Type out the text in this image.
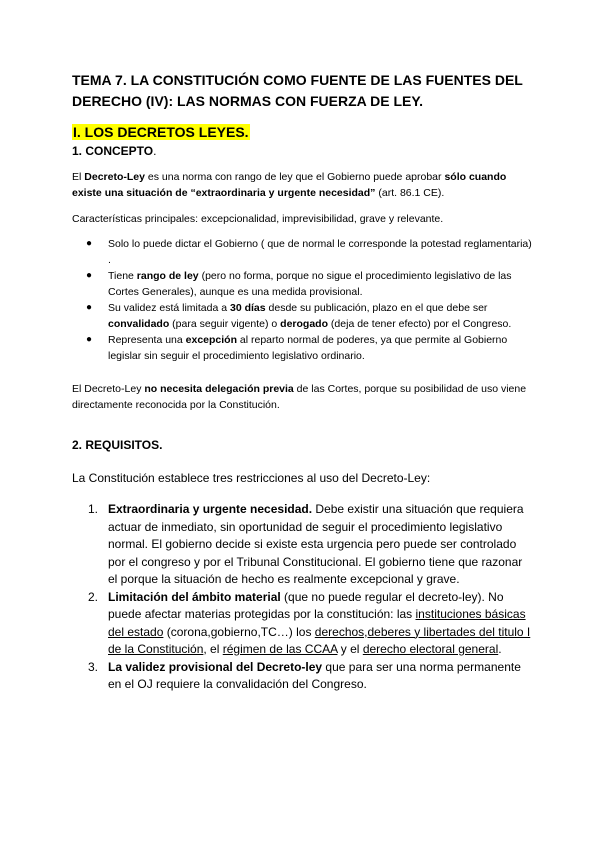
TEMA 7. LA CONSTITUCIÓN COMO FUENTE DE LAS FUENTES DEL DERECHO (IV): LAS NORMAS CON FUERZA DE LEY.
I. LOS DECRETOS LEYES.
1. CONCEPTO.

El Decreto-Ley es una norma con rango de ley que el Gobierno puede aprobar sólo cuando existe una situación de “extraordinaria y urgente necesidad” (art. 86.1 CE).

Características principales: excepcionalidad, imprevisibilidad, grave y relevante.

● Solo lo puede dictar el Gobierno ( que de normal le corresponde la potestad reglamentaria) .
● Tiene rango de ley (pero no forma, porque no sigue el procedimiento legislativo de las Cortes Generales), aunque es una medida provisional.
● Su validez está limitada a 30 días desde su publicación, plazo en el que debe ser convalidado (para seguir vigente) o derogado (deja de tener efecto) por el Congreso.
● Representa una excepción al reparto normal de poderes, ya que permite al Gobierno legislar sin seguir el procedimiento legislativo ordinario.

El Decreto-Ley no necesita delegación previa de las Cortes, porque su posibilidad de uso viene directamente reconocida por la Constitución.

2. REQUISITOS.

La Constitución establece tres restricciones al uso del Decreto-Ley:

1. Extraordinaria y urgente necesidad. Debe existir una situación que requiera actuar de inmediato, sin oportunidad de seguir el procedimiento legislativo normal. El gobierno decide si existe esta urgencia pero puede ser controlado por el congreso y por el Tribunal Constitucional. El gobierno tiene que razonar el porque la situación de hecho es realmente excepcional y grave.
2. Limitación del ámbito material (que no puede regular el decreto-ley). No puede afectar materias protegidas por la constitución: las instituciones básicas del estado (corona,gobierno,TC…) los derechos,deberes y libertades del titulo I de la Constitución, el régimen de las CCAA y el derecho electoral general.
3. La validez provisional del Decreto-ley que para ser una norma permanente en el OJ requiere la convalidación del Congreso.
